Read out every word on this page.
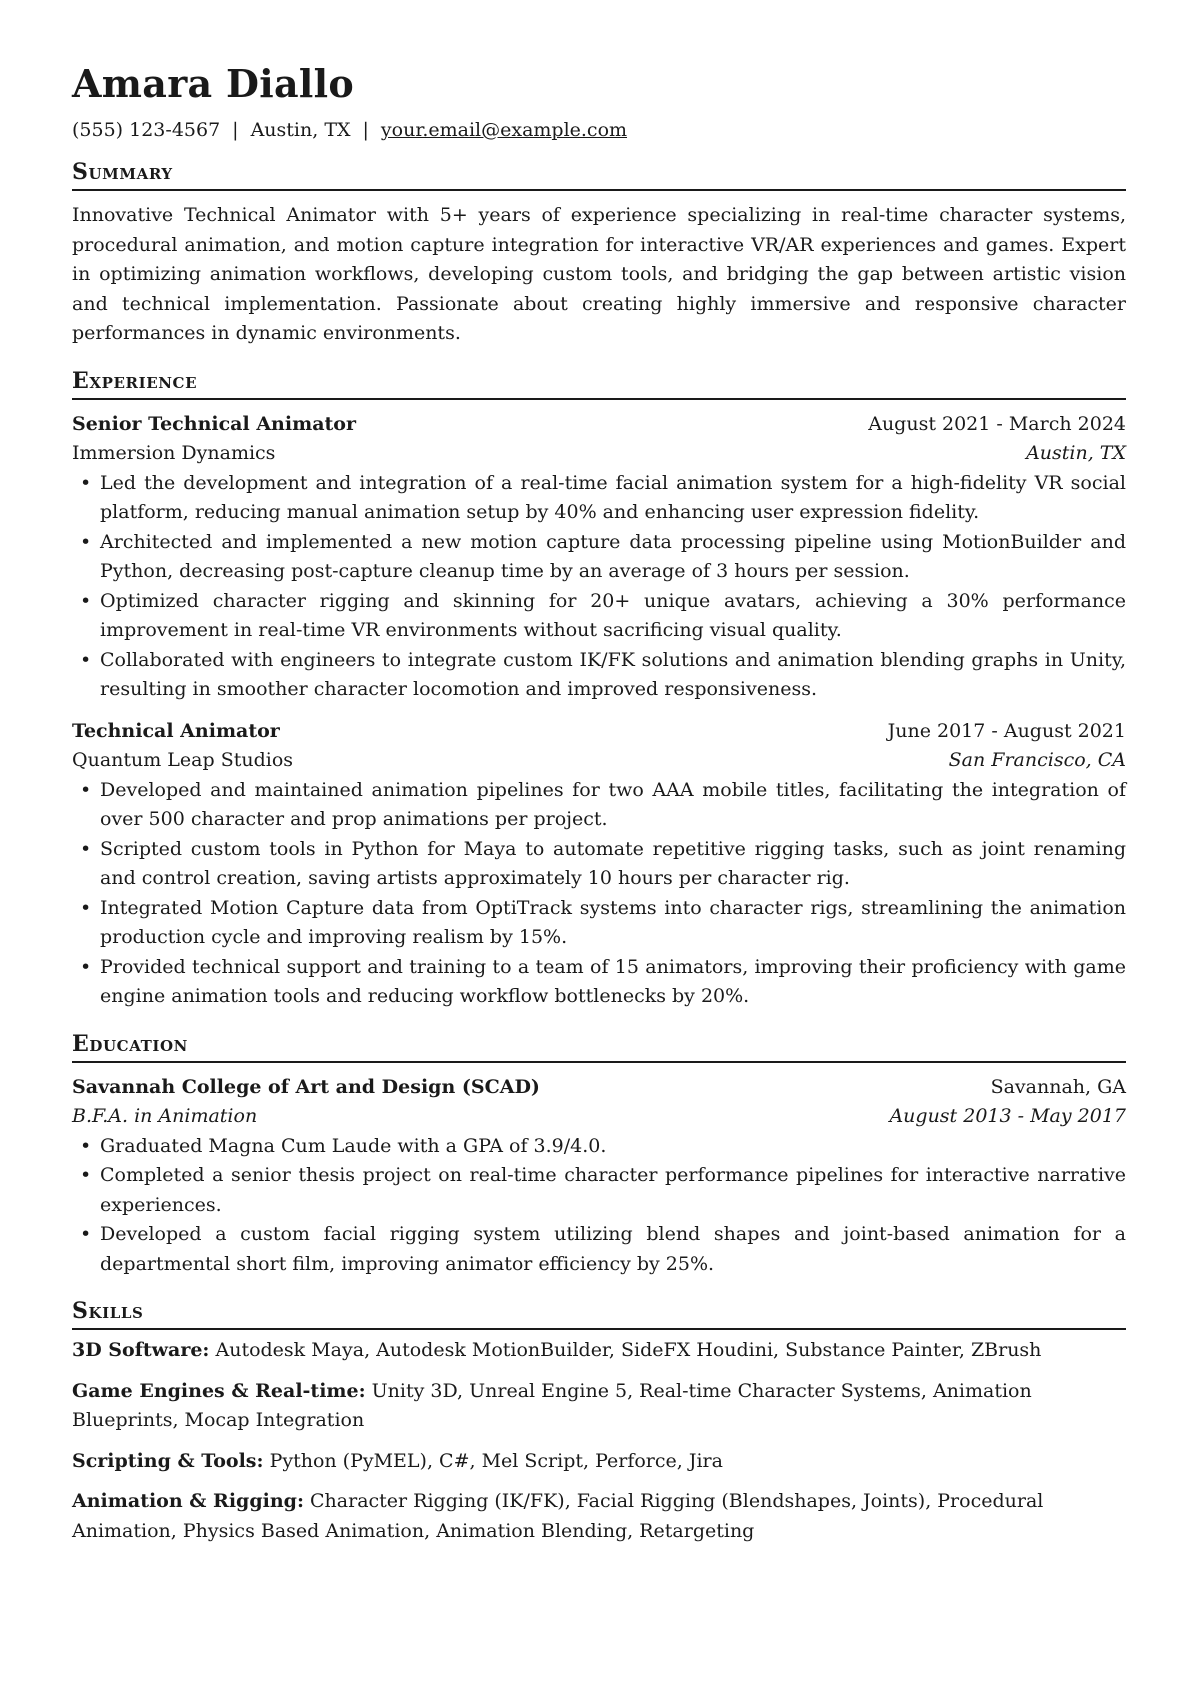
Amara Diallo
(555) 123-4567 | Austin, TX | your.email@example.com
Summary
Innovative Technical Animator with 5+ years of experience specializing in real-time character systems, procedural animation, and motion capture integration for interactive VR/AR experiences and games. Expert in optimizing animation workflows, developing custom tools, and bridging the gap between artistic vision and technical implementation. Passionate about creating highly immersive and responsive character performances in dynamic environments.
Experience
Senior Technical Animator	August 2021 - March 2024
Immersion Dynamics	Austin, TX
• Led the development and integration of a real-time facial animation system for a high-fidelity VR social platform, reducing manual animation setup by 40% and enhancing user expression fidelity.
• Architected and implemented a new motion capture data processing pipeline using MotionBuilder and Python, decreasing post-capture cleanup time by an average of 3 hours per session.
• Optimized character rigging and skinning for 20+ unique avatars, achieving a 30% performance improvement in real-time VR environments without sacrificing visual quality.
• Collaborated with engineers to integrate custom IK/FK solutions and animation blending graphs in Unity, resulting in smoother character locomotion and improved responsiveness.
Technical Animator	June 2017 - August 2021
Quantum Leap Studios	San Francisco, CA
• Developed and maintained animation pipelines for two AAA mobile titles, facilitating the integration of over 500 character and prop animations per project.
• Scripted custom tools in Python for Maya to automate repetitive rigging tasks, such as joint renaming and control creation, saving artists approximately 10 hours per character rig.
• Integrated Motion Capture data from OptiTrack systems into character rigs, streamlining the animation production cycle and improving realism by 15%.
• Provided technical support and training to a team of 15 animators, improving their proficiency with game engine animation tools and reducing workflow bottlenecks by 20%.
Education
Savannah College of Art and Design (SCAD)	Savannah, GA
B.F.A. in Animation	August 2013 - May 2017
• Graduated Magna Cum Laude with a GPA of 3.9/4.0.
• Completed a senior thesis project on real-time character performance pipelines for interactive narrative experiences.
• Developed a custom facial rigging system utilizing blend shapes and joint-based animation for a departmental short film, improving animator efficiency by 25%.
Skills
3D Software: Autodesk Maya, Autodesk MotionBuilder, SideFX Houdini, Substance Painter, ZBrush
Game Engines & Real-time: Unity 3D, Unreal Engine 5, Real-time Character Systems, Animation Blueprints, Mocap Integration
Scripting & Tools: Python (PyMEL), C#, Mel Script, Perforce, Jira
Animation & Rigging: Character Rigging (IK/FK), Facial Rigging (Blendshapes, Joints), Procedural Animation, Physics Based Animation, Animation Blending, Retargeting
